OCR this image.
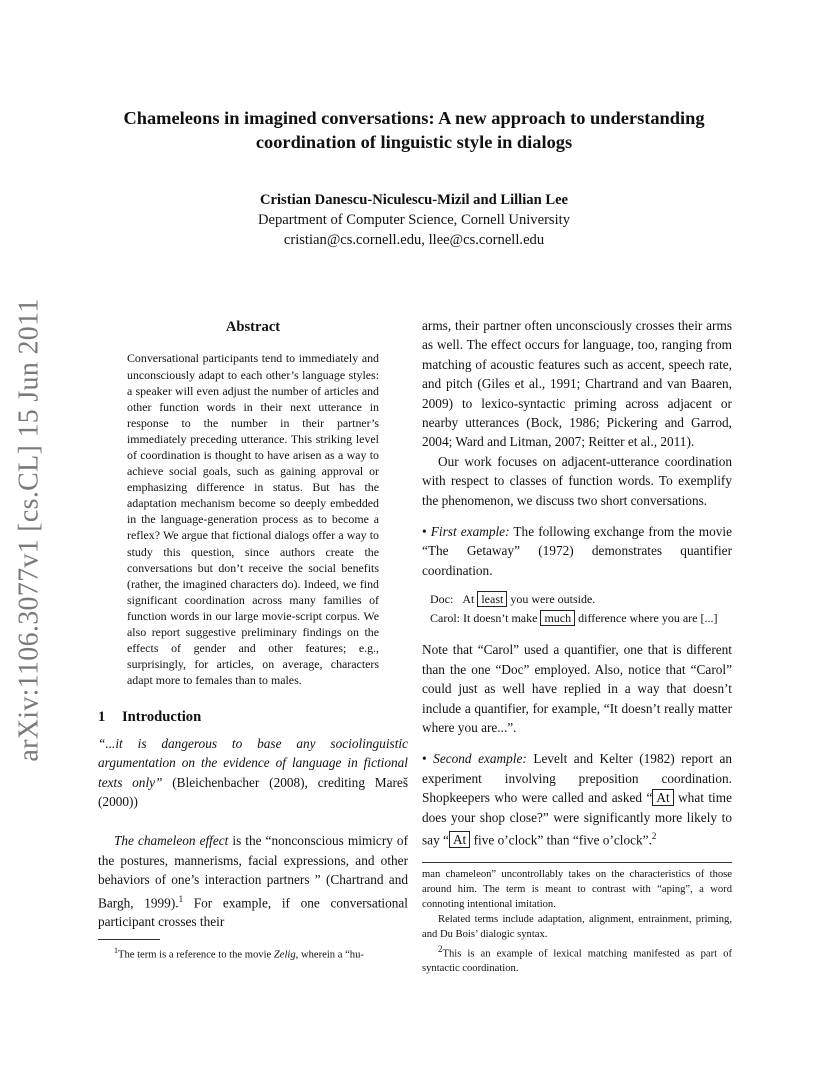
arXiv:1106.3077v1 [cs.CL] 15 Jun 2011
Chameleons in imagined conversations: A new approach to understanding
coordination of linguistic style in dialogs
Cristian Danescu-Niculescu-Mizil and Lillian Lee
Department of Computer Science, Cornell University
cristian@cs.cornell.edu, llee@cs.cornell.edu
Abstract

Conversational participants tend to immediately and unconsciously adapt to each other’s language styles: a speaker will even adjust the number of articles and other function words in their next utterance in response to the number in their partner’s immediately preceding utterance. This striking level of coordination is thought to have arisen as a way to achieve social goals, such as gaining approval or emphasizing difference in status. But has the adaptation mechanism become so deeply embedded in the language-generation process as to become a reflex? We argue that fictional dialogs offer a way to study this question, since authors create the conversations but don’t receive the social benefits (rather, the imagined characters do). Indeed, we find significant coordination across many families of function words in our large movie-script corpus. We also report suggestive preliminary findings on the effects of gender and other features; e.g., surprisingly, for articles, on average, characters adapt more to females than to males.

1 Introduction

“...it is dangerous to base any sociolinguistic argumentation on the evidence of language in fictional texts only” (Bleichenbacher (2008), crediting Mareš (2000))

The chameleon effect is the “nonconscious mimicry of the postures, mannerisms, facial expressions, and other behaviors of one’s interaction partners ” (Chartrand and Bargh, 1999).$^1$ For example, if one conversational participant crosses their

$^1$The term is a reference to the movie Zelig, wherein a “hu-

arms, their partner often unconsciously crosses their arms as well. The effect occurs for language, too, ranging from matching of acoustic features such as accent, speech rate, and pitch (Giles et al., 1991; Chartrand and van Baaren, 2009) to lexico-syntactic priming across adjacent or nearby utterances (Bock, 1986; Pickering and Garrod, 2004; Ward and Litman, 2007; Reitter et al., 2011).

Our work focuses on adjacent-utterance coordination with respect to classes of function words. To exemplify the phenomenon, we discuss two short conversations.

• First example: The following exchange from the movie “The Getaway” (1972) demonstrates quantifier coordination.

Doc: At least you were outside.
Carol: It doesn’t make much difference where you are [...]

Note that “Carol” used a quantifier, one that is different than the one “Doc” employed. Also, notice that “Carol” could just as well have replied in a way that doesn’t include a quantifier, for example, “It doesn’t really matter where you are...”.

• Second example: Levelt and Kelter (1982) report an experiment involving preposition coordination. Shopkeepers who were called and asked “ At what time does your shop close?” were significantly more likely to say “ At five o’clock” than “five o’clock”.$^2$

man chameleon” uncontrollably takes on the characteristics of those around him. The term is meant to contrast with “aping”, a word connoting intentional imitation.

Related terms include adaptation, alignment, entrainment, priming, and Du Bois’ dialogic syntax.

$^2$This is an example of lexical matching manifested as part of syntactic coordination.
